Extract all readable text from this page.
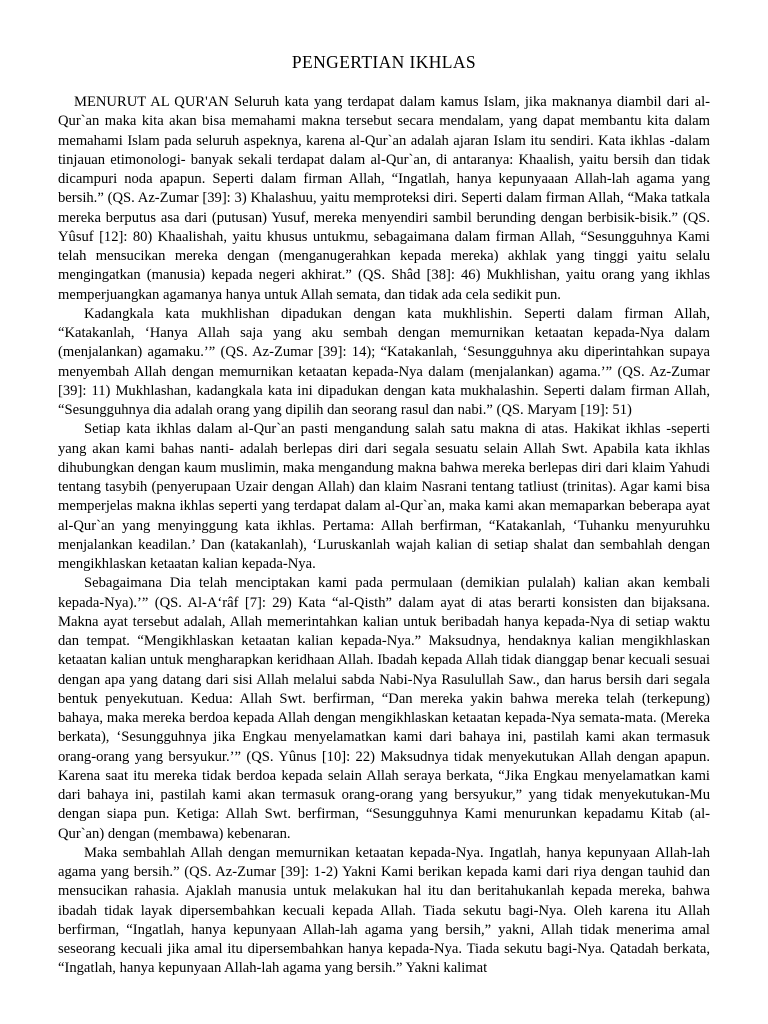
PENGERTIAN IKHLAS

MENURUT AL QUR'AN Seluruh kata yang terdapat dalam kamus Islam, jika maknanya diambil dari al-Qur`an maka kita akan bisa memahami makna tersebut secara mendalam, yang dapat membantu kita dalam memahami Islam pada seluruh aspeknya, karena al-Qur`an adalah ajaran Islam itu sendiri. Kata ikhlas -dalam tinjauan etimonologi- banyak sekali terdapat dalam al-Qur`an, di antaranya: Khaalish, yaitu bersih dan tidak dicampuri noda apapun. Seperti dalam firman Allah, “Ingatlah, hanya kepunyaaan Allah-lah agama yang bersih.” (QS. Az-Zumar [39]: 3) Khalashuu, yaitu memproteksi diri. Seperti dalam firman Allah, “Maka tatkala mereka berputus asa dari (putusan) Yusuf, mereka menyendiri sambil berunding dengan berbisik-bisik.” (QS. Yûsuf [12]: 80) Khaalishah, yaitu khusus untukmu, sebagaimana dalam firman Allah, “Sesungguhnya Kami telah mensucikan mereka dengan (menganugerahkan kepada mereka) akhlak yang tinggi yaitu selalu mengingatkan (manusia) kepada negeri akhirat.” (QS. Shâd [38]: 46) Mukhlishan, yaitu orang yang ikhlas memperjuangkan agamanya hanya untuk Allah semata, dan tidak ada cela sedikit pun.

Kadangkala kata mukhlishan dipadukan dengan kata mukhlishin. Seperti dalam firman Allah, “Katakanlah, ‘Hanya Allah saja yang aku sembah dengan memurnikan ketaatan kepada-Nya dalam (menjalankan) agamaku.’” (QS. Az-Zumar [39]: 14); “Katakanlah, ‘Sesungguhnya aku diperintahkan supaya menyembah Allah dengan memurnikan ketaatan kepada-Nya dalam (menjalankan) agama.’” (QS. Az-Zumar [39]: 11) Mukhlashan, kadangkala kata ini dipadukan dengan kata mukhalashin. Seperti dalam firman Allah, “Sesungguhnya dia adalah orang yang dipilih dan seorang rasul dan nabi.” (QS. Maryam [19]: 51)

Setiap kata ikhlas dalam al-Qur`an pasti mengandung salah satu makna di atas. Hakikat ikhlas -seperti yang akan kami bahas nanti- adalah berlepas diri dari segala sesuatu selain Allah Swt. Apabila kata ikhlas dihubungkan dengan kaum muslimin, maka mengandung makna bahwa mereka berlepas diri dari klaim Yahudi tentang tasybih (penyerupaan Uzair dengan Allah) dan klaim Nasrani tentang tatliust (trinitas). Agar kami bisa memperjelas makna ikhlas seperti yang terdapat dalam al-Qur`an, maka kami akan memaparkan beberapa ayat al-Qur`an yang menyinggung kata ikhlas. Pertama: Allah berfirman, “Katakanlah, ‘Tuhanku menyuruhku menjalankan keadilan.’ Dan (katakanlah), ‘Luruskanlah wajah kalian di setiap shalat dan sembahlah dengan mengikhlaskan ketaatan kalian kepada-Nya.

Sebagaimana Dia telah menciptakan kami pada permulaan (demikian pulalah) kalian akan kembali kepada-Nya).’” (QS. Al-A‘râf [7]: 29) Kata “al-Qisth” dalam ayat di atas berarti konsisten dan bijaksana. Makna ayat tersebut adalah, Allah memerintahkan kalian untuk beribadah hanya kepada-Nya di setiap waktu dan tempat. “Mengikhlaskan ketaatan kalian kepada-Nya.” Maksudnya, hendaknya kalian mengikhlaskan ketaatan kalian untuk mengharapkan keridhaan Allah. Ibadah kepada Allah tidak dianggap benar kecuali sesuai dengan apa yang datang dari sisi Allah melalui sabda Nabi-Nya Rasulullah Saw., dan harus bersih dari segala bentuk penyekutuan. Kedua: Allah Swt. berfirman, “Dan mereka yakin bahwa mereka telah (terkepung) bahaya, maka mereka berdoa kepada Allah dengan mengikhlaskan ketaatan kepada-Nya semata-mata. (Mereka berkata), ‘Sesungguhnya jika Engkau menyelamatkan kami dari bahaya ini, pastilah kami akan termasuk orang-orang yang bersyukur.’” (QS. Yûnus [10]: 22) Maksudnya tidak menyekutukan Allah dengan apapun. Karena saat itu mereka tidak berdoa kepada selain Allah seraya berkata, “Jika Engkau menyelamatkan kami dari bahaya ini, pastilah kami akan termasuk orang-orang yang bersyukur,” yang tidak menyekutukan-Mu dengan siapa pun. Ketiga: Allah Swt. berfirman, “Sesungguhnya Kami menurunkan kepadamu Kitab (al-Qur`an) dengan (membawa) kebenaran.

Maka sembahlah Allah dengan memurnikan ketaatan kepada-Nya. Ingatlah, hanya kepunyaan Allah-lah agama yang bersih.” (QS. Az-Zumar [39]: 1-2) Yakni Kami berikan kepada kami dari riya dengan tauhid dan mensucikan rahasia. Ajaklah manusia untuk melakukan hal itu dan beritahukanlah kepada mereka, bahwa ibadah tidak layak dipersembahkan kecuali kepada Allah. Tiada sekutu bagi-Nya. Oleh karena itu Allah berfirman, “Ingatlah, hanya kepunyaan Allah-lah agama yang bersih,” yakni, Allah tidak menerima amal seseorang kecuali jika amal itu dipersembahkan hanya kepada-Nya. Tiada sekutu bagi-Nya. Qatadah berkata, “Ingatlah, hanya kepunyaan Allah-lah agama yang bersih.” Yakni kalimat
